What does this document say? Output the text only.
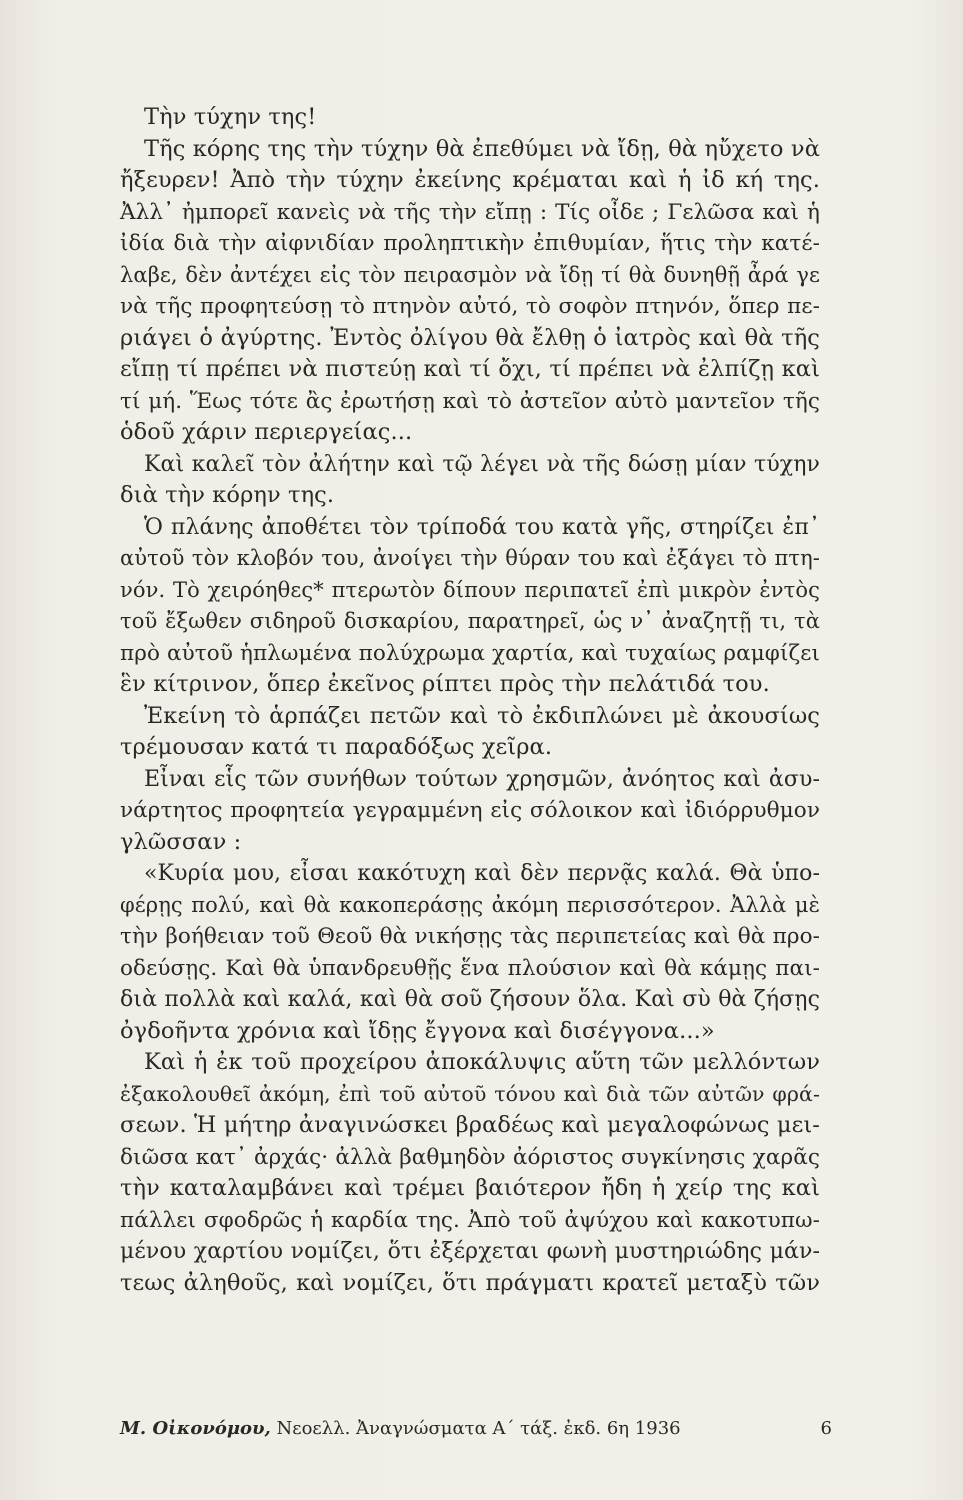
Τὴν τύχην της!
Τῆς κόρης της τὴν τύχην θὰ ἐπεθύμει νὰ ἴδῃ, θὰ ηὔχετο νὰ
ἤξευρεν! Ἀπὸ τὴν τύχην ἐκείνης κρέμαται καὶ ἡ ἰδ κή της.
Ἀλλ᾽ ἠμπορεῖ κανεὶς νὰ τῆς τὴν εἴπῃ : Τίς οἶδε ; Γελῶσα καὶ ἡ
ἰδία διὰ τὴν αἰφνιδίαν προληπτικὴν ἐπιθυμίαν, ἥτις τὴν κατέ-
λαβε, δὲν ἀντέχει εἰς τὸν πειρασμὸν νὰ ἴδῃ τί θὰ δυνηθῇ ἆρά γε
νὰ τῆς προφητεύσῃ τὸ πτηνὸν αὐτό, τὸ σοφὸν πτηνόν, ὅπερ πε-
ριάγει ὁ ἀγύρτης. Ἐντὸς ὀλίγου θὰ ἔλθῃ ὁ ἰατρὸς καὶ θὰ τῆς
εἴπῃ τί πρέπει νὰ πιστεύῃ καὶ τί ὄχι, τί πρέπει νὰ ἐλπίζῃ καὶ
τί μή. Ἕως τότε ἂς ἐρωτήσῃ καὶ τὸ ἀστεῖον αὐτὸ μαντεῖον τῆς
ὁδοῦ χάριν περιεργείας...
Καὶ καλεῖ τὸν ἀλήτην καὶ τῷ λέγει νὰ τῆς δώσῃ μίαν τύχην
διὰ τὴν κόρην της.
Ὁ πλάνης ἀποθέτει τὸν τρίποδά του κατὰ γῆς, στηρίζει ἐπ᾽
αὐτοῦ τὸν κλοβόν του, ἀνοίγει τὴν θύραν του καὶ ἐξάγει τὸ πτη-
νόν. Τὸ χειρόηθες* πτερωτὸν δίπουν περιπατεῖ ἐπὶ μικρὸν ἐντὸς
τοῦ ἔξωθεν σιδηροῦ δισκαρίου, παρατηρεῖ, ὡς ν᾽ ἀναζητῇ τι, τὰ
πρὸ αὐτοῦ ἡπλωμένα πολύχρωμα χαρτία, καὶ τυχαίως ραμφίζει
ἓν κίτρινον, ὅπερ ἐκεῖνος ρίπτει πρὸς τὴν πελάτιδά του.
Ἐκείνη τὸ ἁρπάζει πετῶν καὶ τὸ ἐκδιπλώνει μὲ ἀκουσίως
τρέμουσαν κατά τι παραδόξως χεῖρα.
Εἶναι εἷς τῶν συνήθων τούτων χρησμῶν, ἀνόητος καὶ ἀσυ-
νάρτητος προφητεία γεγραμμένη εἰς σόλοικον καὶ ἰδιόρρυθμον
γλῶσσαν :
«Κυρία μου, εἶσαι κακότυχη καὶ δὲν περνᾷς καλά. Θὰ ὑπο-
φέρῃς πολύ, καὶ θὰ κακοπεράσῃς ἀκόμη περισσότερον. Ἀλλὰ μὲ
τὴν βοήθειαν τοῦ Θεοῦ θὰ νικήσῃς τὰς περιπετείας καὶ θὰ προ-
οδεύσῃς. Καὶ θὰ ὑπανδρευθῇς ἕνα πλούσιον καὶ θὰ κάμῃς παι-
διὰ πολλὰ καὶ καλά, καὶ θὰ σοῦ ζήσουν ὅλα. Καὶ σὺ θὰ ζήσῃς
ὀγδοῆντα χρόνια καὶ ἴδῃς ἔγγονα καὶ δισέγγονα...»
Καὶ ἡ ἐκ τοῦ προχείρου ἀποκάλυψις αὕτη τῶν μελλόντων
ἐξακολουθεῖ ἀκόμη, ἐπὶ τοῦ αὐτοῦ τόνου καὶ διὰ τῶν αὐτῶν φρά-
σεων. Ἡ μήτηρ ἀναγινώσκει βραδέως καὶ μεγαλοφώνως μει-
διῶσα κατ᾽ ἀρχάς· ἀλλὰ βαθμηδὸν ἀόριστος συγκίνησις χαρᾶς
τὴν καταλαμβάνει καὶ τρέμει βαιότερον ἤδη ἡ χείρ της καὶ
πάλλει σφοδρῶς ἡ καρδία της. Ἀπὸ τοῦ ἀψύχου καὶ κακοτυπω-
μένου χαρτίου νομίζει, ὅτι ἐξέρχεται φωνὴ μυστηριώδης μάν-
τεως ἀληθοῦς, καὶ νομίζει, ὅτι πράγματι κρατεῖ μεταξὺ τῶν
Μ. Οἰκονόμου, Νεοελλ. Ἀναγνώσματα Α΄ τάξ. ἐκδ. 6η 1936	6
